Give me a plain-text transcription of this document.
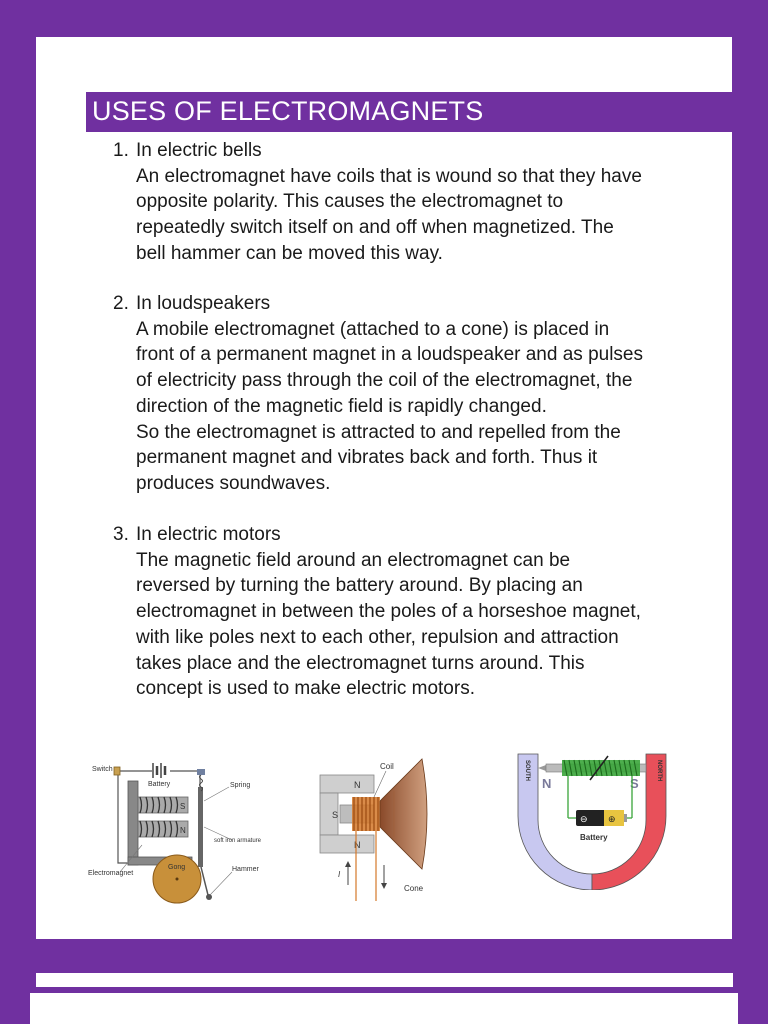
USES OF ELECTROMAGNETS

1. In electric bells

An electromagnet have coils that is wound so that they have

opposite polarity. This causes the electromagnet to

repeatedly switch itself on and off when magnetized. The

bell hammer can be moved this way.

2. In loudspeakers

A mobile electromagnet (attached to a cone) is placed in

front of a permanent magnet in a loudspeaker and as pulses

of electricity pass through the coil of the electromagnet, the

direction of the magnetic field is rapidly changed.

So the electromagnet is attracted to and repelled from the

permanent magnet and vibrates back and forth. Thus it

produces soundwaves.

3. In electric motors

The magnetic field around an electromagnet can be

reversed by turning the battery around. By placing an

electromagnet in between the poles of a horseshoe magnet,

with like poles next to each other, repulsion and attraction

takes place and the electromagnet turns around. This

concept is used to make electric motors.

S
N
Switch
Battery	Spring
soft iron armature
Electromagnet
Gong	Hammer
N
S
N
I
Coil
Cone
SOUTH	NORTH
N	S
⊖ ⊕
Battery
